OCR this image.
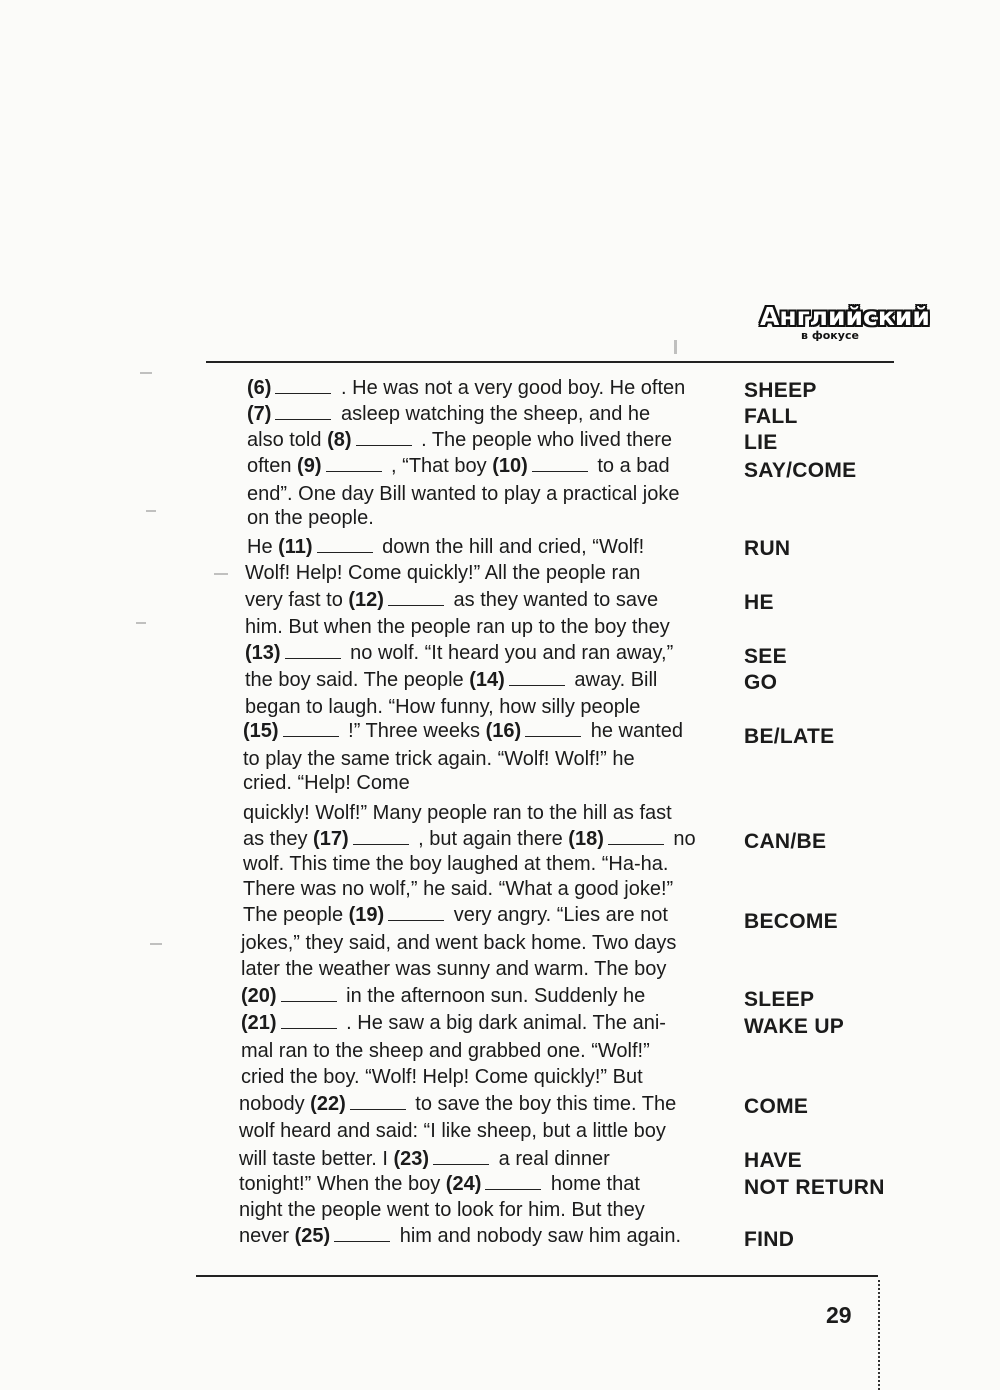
Английский
в фокусе
(6)	. He was not a very good boy. He often
(7)	asleep watching the sheep, and he
also told (8)	. The people who lived there
often (9)	, “That boy (10)	to a bad
end”. One day Bill wanted to play a practical joke
on the people.
He (11)	down the hill and cried, “Wolf!
Wolf! Help! Come quickly!” All the people ran
very fast to (12)	as they wanted to save
him. But when the people ran up to the boy they
(13)	no wolf. “It heard you and ran away,”
the boy said. The people (14)	away. Bill
began to laugh. “How funny, how silly people
(15)	!” Three weeks (16)	he wanted
to play the same trick again. “Wolf! Wolf!” he
cried. “Help! Come
quickly! Wolf!” Many people ran to the hill as fast
as they (17)	, but again there (18)	no
wolf. This time the boy laughed at them. “Ha-ha.
There was no wolf,” he said. “What a good joke!”
The people (19)	very angry. “Lies are not
jokes,” they said, and went back home. Two days
later the weather was sunny and warm. The boy
(20)	in the afternoon sun. Suddenly he
(21)	. He saw a big dark animal. The ani-
mal ran to the sheep and grabbed one. “Wolf!”
cried the boy. “Wolf! Help! Come quickly!” But
nobody (22)	to save the boy this time. The
wolf heard and said: “I like sheep, but a little boy
will taste better. I (23)	a real dinner
tonight!” When the boy (24)	home that
night the people went to look for him. But they
never (25)	him and nobody saw him again.
SHEEP
FALL
LIE
SAY/COME
RUN
HE
SEE
GO
BE/LATE
CAN/BE
BECOME
SLEEP
WAKE UP
COME
HAVE
NOT RETURN
FIND
29
